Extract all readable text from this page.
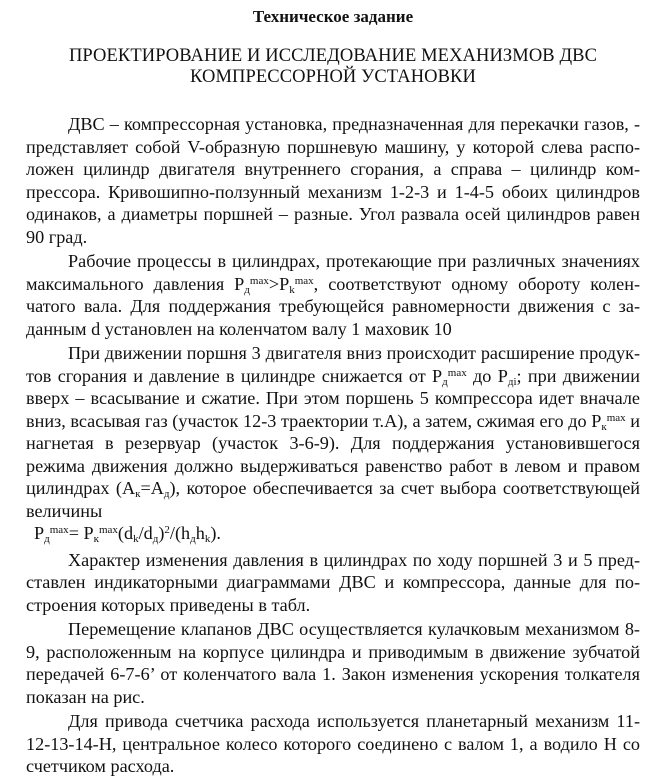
Техническое задание
ПРОЕКТИРОВАНИЕ И ИССЛЕДОВАНИЕ МЕХАНИЗМОВ ДВС
КОМПРЕССОРНОЙ УСТАНОВКИ

ДВС – компрессорная установка, предназначенная для перекачки газов, - представляет собой V-образную поршневую машину, у которой слева расположен цилиндр двигателя внутреннего сгорания, а справа – цилиндр компрессора. Кривошипно-ползунный механизм 1-2-3 и 1-4-5 обоих цилиндров одинаков, а диаметры поршней – разные. Угол развала осей цилиндров равен 90 град.

Рабочие процессы в цилиндрах, протекающие при различных значениях максимального давления $P_д^{max}>P_k^{max}$, соответствуют одному обороту коленчатого вала. Для поддержания требующейся равномерности движения с заданным d установлен на коленчатом валу 1 маховик 10

При движении поршня 3 двигателя вниз происходит расширение продуктов сгорания и давление в цилиндре снижается от $P_д^{max}$ до $P_{дi}$; при движении вверх – всасывание и сжатие. При этом поршень 5 компрессора идет вначале вниз, всасывая газ (участок 12-3 траектории т.А), а затем, сжимая его до $P_к^{max}$ и нагнетая в резервуар (участок 3-6-9). Для поддержания установившегося режима движения должно выдерживаться равенство работ в левом и правом цилиндрах $(A_к=A_д)$, которое обеспечивается за счет выбора соответствующей величины

$P_д^{max}= P_к^{max}(d_k/d_д)^2/(h_дh_k)$.

Характер изменения давления в цилиндрах по ходу поршней 3 и 5 представлен индикаторными диаграммами ДВС и компрессора, данные для построения которых приведены в табл.

Перемещение клапанов ДВС осуществляется кулачковым механизмом 8-9, расположенным на корпусе цилиндра и приводимым в движение зубчатой передачей 6-7-6’ от коленчатого вала 1. Закон изменения ускорения толкателя показан на рис.

Для привода счетчика расхода используется планетарный механизм 11-12-13-14-H, центральное колесо которого соединено с валом 1, а водило H со счетчиком расхода.
